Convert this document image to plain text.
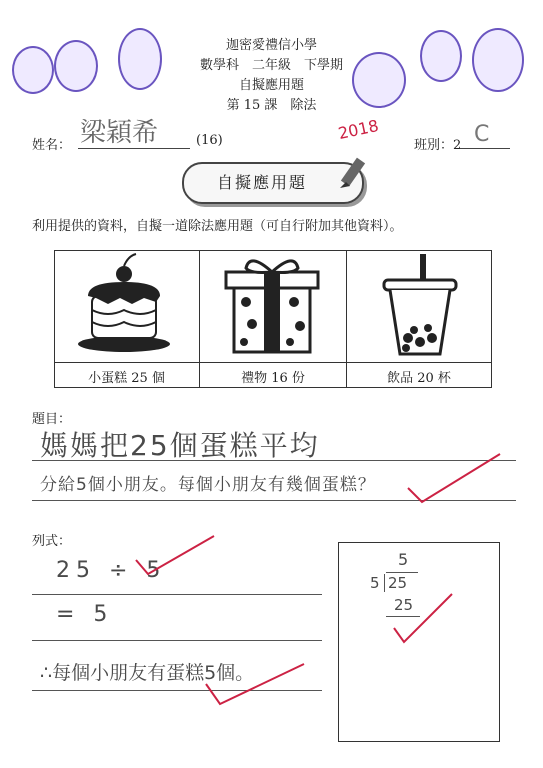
迦密愛禮信小學
數學科　二年級　下學期
自擬應用題
第 15 課　除法
姓名： 梁穎希	(16)	2018
班別：2 C
自擬應用題
利用提供的資料，自擬一道除法應用題（可自行附加其他資料）。
小蛋糕 25 個	禮物 16 份	飲品 20 杯
題目：
媽媽把25個蛋糕平均
分給5個小朋友。每個小朋友有幾個蛋糕？
列式：
25 ÷ 5
= 5
∴每個小朋友有蛋糕5個。
5
5 25
25
